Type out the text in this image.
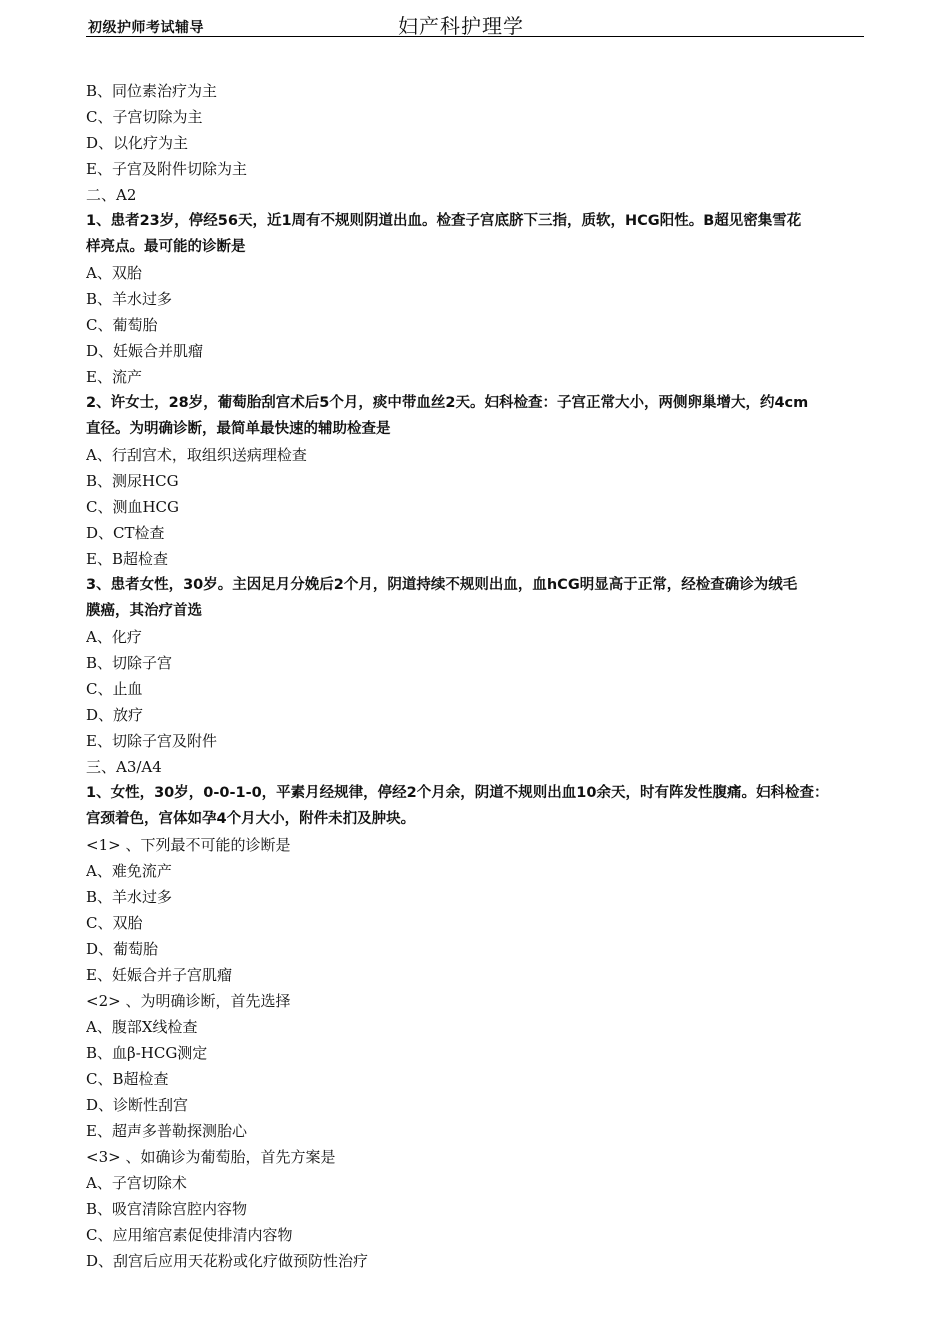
初级护师考试辅导	妇产科护理学
B、同位素治疗为主
C、子宫切除为主
D、以化疗为主
E、子宫及附件切除为主
二、A2
1、患者23岁，停经56天，近1周有不规则阴道出血。检查子宫底脐下三指，质软，HCG阳性。B超见密集雪花
样亮点。最可能的诊断是
A、双胎
B、羊水过多
C、葡萄胎
D、妊娠合并肌瘤
E、流产
2、许女士，28岁，葡萄胎刮宫术后5个月，痰中带血丝2天。妇科检查：子宫正常大小，两侧卵巢增大，约4cm
直径。为明确诊断，最简单最快速的辅助检查是
A、行刮宫术，取组织送病理检查
B、测尿HCG
C、测血HCG
D、CT检查
E、B超检查
3、患者女性，30岁。主因足月分娩后2个月，阴道持续不规则出血，血hCG明显高于正常，经检查确诊为绒毛
膜癌，其治疗首选
A、化疗
B、切除子宫
C、止血
D、放疗
E、切除子宫及附件
三、A3/A4
1、女性，30岁，0-0-1-0，平素月经规律，停经2个月余，阴道不规则出血10余天，时有阵发性腹痛。妇科检查：
宫颈着色，宫体如孕4个月大小，附件未扪及肿块。
<1> 、下列最不可能的诊断是
A、难免流产
B、羊水过多
C、双胎
D、葡萄胎
E、妊娠合并子宫肌瘤
<2> 、为明确诊断，首先选择
A、腹部X线检查
B、血β-HCG测定
C、B超检查
D、诊断性刮宫
E、超声多普勒探测胎心
<3> 、如确诊为葡萄胎，首先方案是
A、子宫切除术
B、吸宫清除宫腔内容物
C、应用缩宫素促使排清内容物
D、刮宫后应用天花粉或化疗做预防性治疗
